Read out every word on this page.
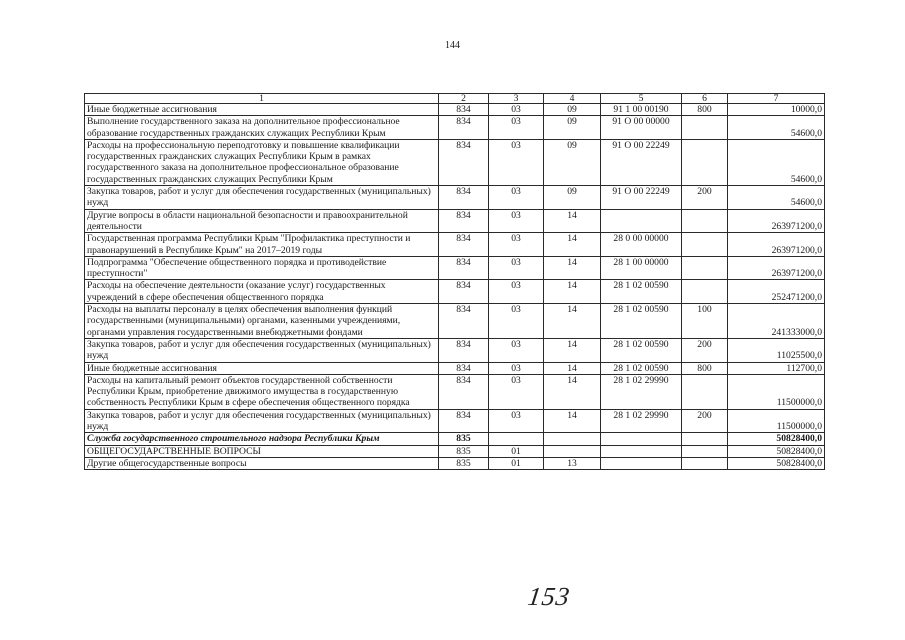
144
1	2	3	4	5	6	7
Иные бюджетные ассигнования	834	03	09	91 1 00 00190	800	10000,0
Выполнение государственного заказа на дополнительное профессиональное образование государственных гражданских служащих Республики Крым	834	03	09	91 О 00 00000		54600,0
Расходы на профессиональную переподготовку и повышение квалификации государственных гражданских служащих Республики Крым в рамках государственного заказа на дополнительное профессиональное образование государственных гражданских служащих Республики Крым	834	03	09	91 О 00 22249		54600,0
Закупка товаров, работ и услуг для обеспечения государственных (муниципальных) нужд	834	03	09	91 О 00 22249	200	54600,0
Другие вопросы в области национальной безопасности и правоохранительной деятельности	834	03	14			263971200,0
Государственная программа Республики Крым "Профилактика преступности и правонарушений в Республике Крым" на 2017–2019 годы	834	03	14	28 0 00 00000		263971200,0
Подпрограмма "Обеспечение общественного порядка и противодействие преступности"	834	03	14	28 1 00 00000		263971200,0
Расходы на обеспечение деятельности (оказание услуг) государственных учреждений в сфере обеспечения общественного порядка	834	03	14	28 1 02 00590		252471200,0
Расходы на выплаты персоналу в целях обеспечения выполнения функций государственными (муниципальными) органами, казенными учреждениями, органами управления государственными внебюджетными фондами	834	03	14	28 1 02 00590	100	241333000,0
Закупка товаров, работ и услуг для обеспечения государственных (муниципальных) нужд	834	03	14	28 1 02 00590	200	11025500,0
Иные бюджетные ассигнования	834	03	14	28 1 02 00590	800	112700,0
Расходы на капитальный ремонт объектов государственной собственности Республики Крым, приобретение движимого имущества в государственную собственность Республики Крым в сфере обеспечения общественного порядка	834	03	14	28 1 02 29990		11500000,0
Закупка товаров, работ и услуг для обеспечения государственных (муниципальных) нужд	834	03	14	28 1 02 29990	200	11500000,0
Служба государственного строительного надзора Республики Крым	835					50828400,0
ОБЩЕГОСУДАРСТВЕННЫЕ ВОПРОСЫ	835	01				50828400,0
Другие общегосударственные вопросы	835	01	13			50828400,0
153
